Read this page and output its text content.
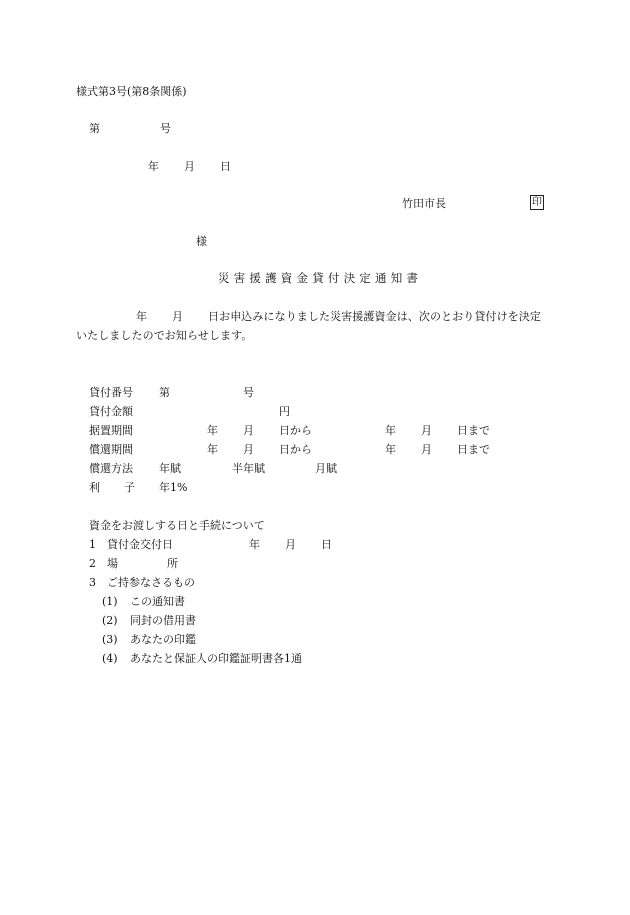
様式第3号(第8条関係)
第	号
年 月 日
竹田市長	印
様
災害援護資金貸付決定通知書
年 月 日お申込みになりました災害援護資金は、次のとおり貸付けを決定
いたしましたのでお知らせします。
貸付番号 第	号
貸付金額	円
据置期間	年 月 日から	年 月 日まで
償還期間	年 月 日から	年 月 日まで
償還方法 年賦	半年賦	月賦
利 子 年1%
資金をお渡しする日と手続について
1 貸付金交付日	年 月 日
2 場	所
3 ご持参なさるもの
(1) この通知書
(2) 同封の借用書
(3) あなたの印鑑
(4) あなたと保証人の印鑑証明書各1通
